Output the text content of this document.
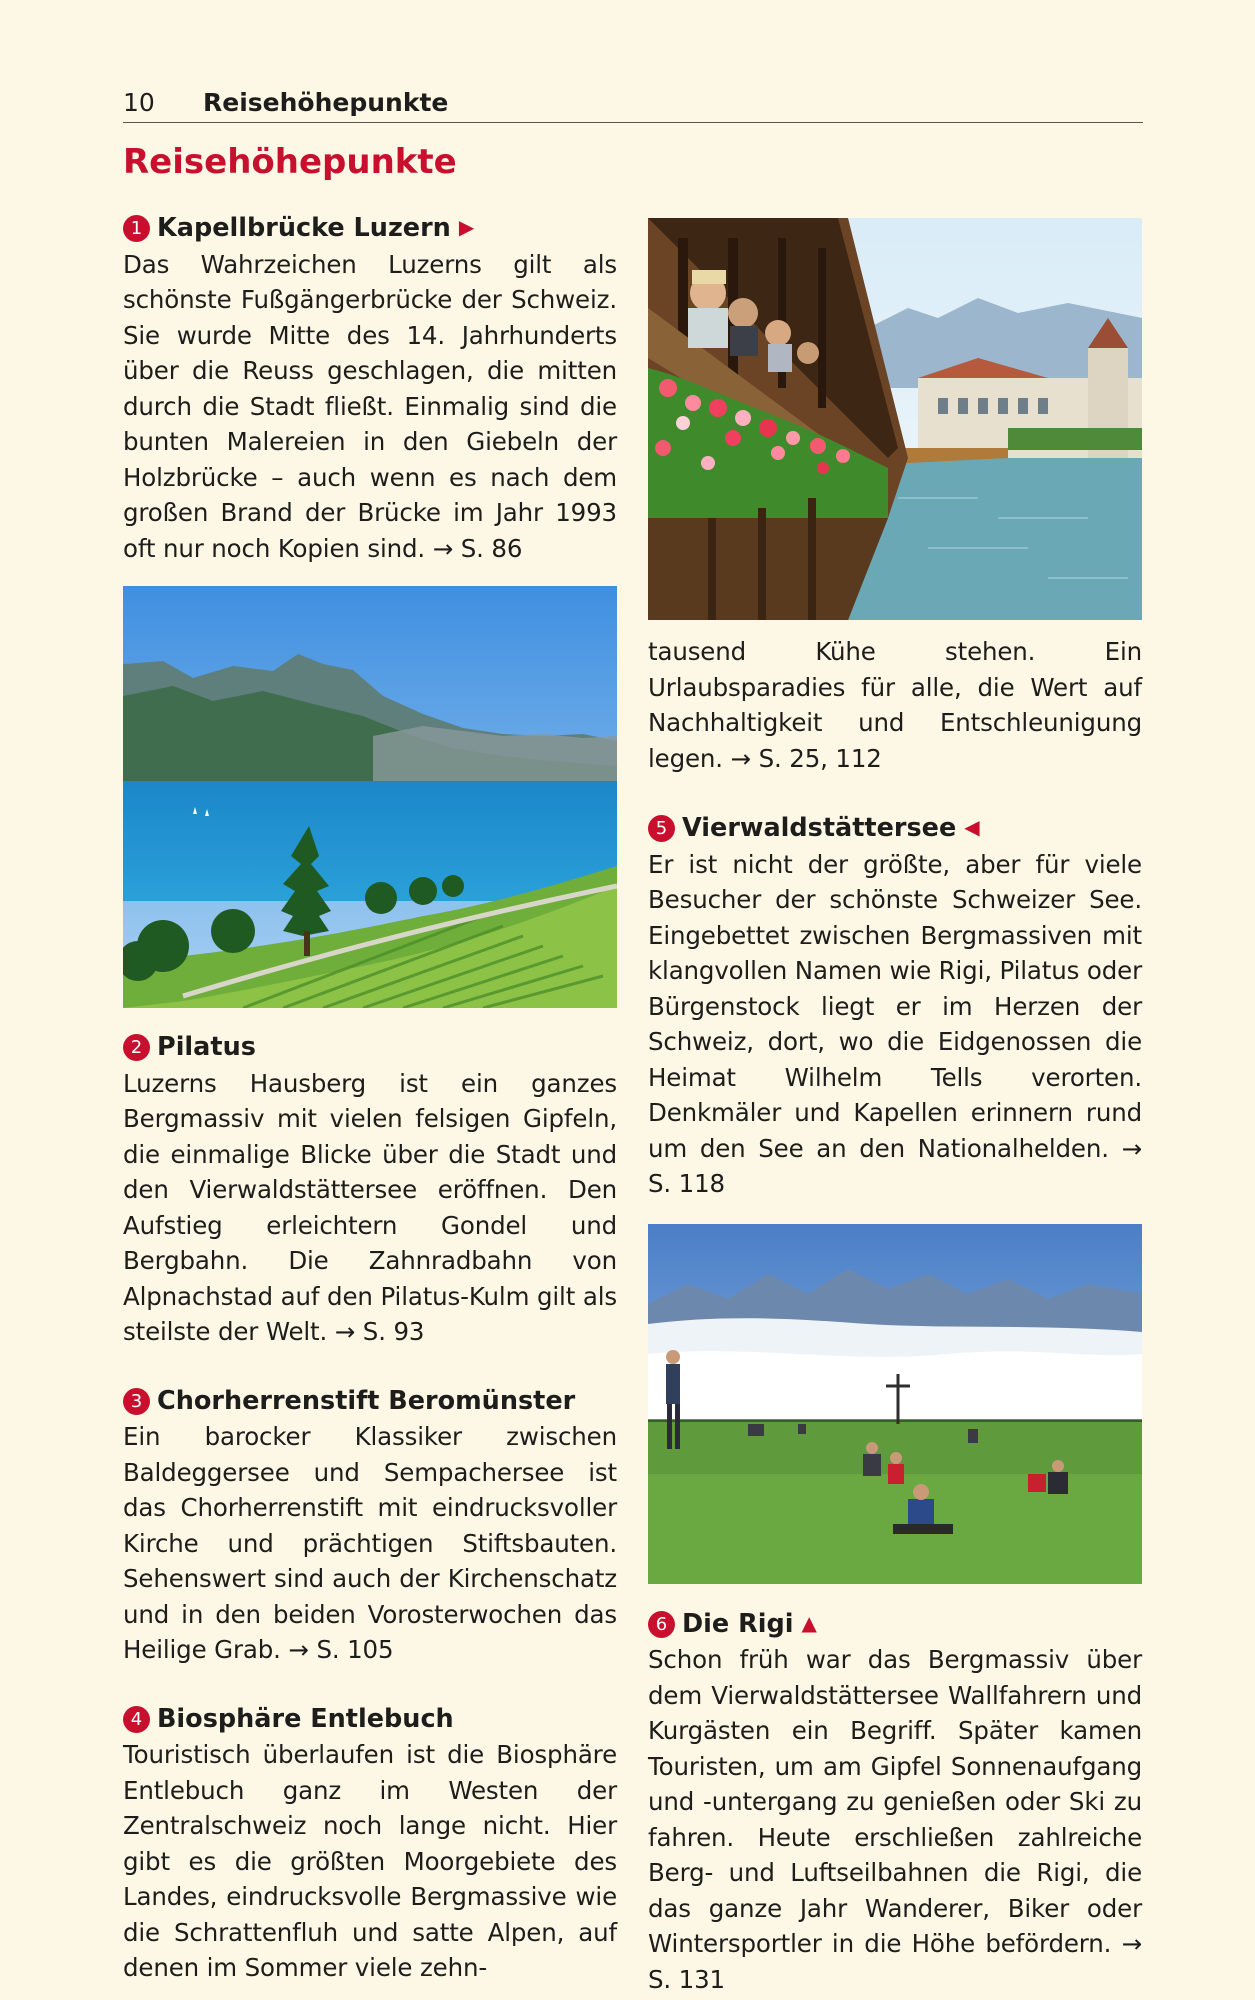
10 Reisehöhepunkte
Reisehöhepunkte

1 Kapellbrücke Luzern ▶

Das Wahrzeichen Luzerns gilt als schönste Fußgängerbrücke der Schweiz. Sie wurde Mitte des 14. Jahrhunderts über die Reuss geschlagen, die mitten durch die Stadt fließt. Einmalig sind die bunten Malereien in den Giebeln der Holzbrücke – auch wenn es nach dem großen Brand der Brücke im Jahr 1993 oft nur noch Kopien sind. → S. 86

2 Pilatus

Luzerns Hausberg ist ein ganzes Bergmassiv mit vielen felsigen Gipfeln, die einmalige Blicke über die Stadt und den Vierwaldstättersee eröffnen. Den Aufstieg erleichtern Gondel und Bergbahn. Die Zahnradbahn von Alpnachstad auf den Pilatus-Kulm gilt als steilste der Welt. → S. 93

3 Chorherrenstift Beromünster

Ein barocker Klassiker zwischen Baldeggersee und Sempachersee ist das Chorherrenstift mit eindrucksvoller Kirche und prächtigen Stiftsbauten. Sehenswert sind auch der Kirchenschatz und in den beiden Vorosterwochen das Heilige Grab. → S. 105

4 Biosphäre Entlebuch

Touristisch überlaufen ist die Biosphäre Entlebuch ganz im Westen der Zentralschweiz noch lange nicht. Hier gibt es die größten Moorgebiete des Landes, eindrucksvolle Bergmassive wie die Schrattenfluh und satte Alpen, auf denen im Sommer viele zehn-

tausend Kühe stehen. Ein Urlaubsparadies für alle, die Wert auf Nachhaltigkeit und Entschleunigung legen. → S. 25, 112

5 Vierwaldstättersee ◀

Er ist nicht der größte, aber für viele Besucher der schönste Schweizer See. Eingebettet zwischen Bergmassiven mit klangvollen Namen wie Rigi, Pilatus oder Bürgenstock liegt er im Herzen der Schweiz, dort, wo die Eidgenossen die Heimat Wilhelm Tells verorten. Denkmäler und Kapellen erinnern rund um den See an den Nationalhelden. → S. 118

6 Die Rigi ▲

Schon früh war das Bergmassiv über dem Vierwaldstättersee Wallfahrern und Kurgästen ein Begriff. Später kamen Touristen, um am Gipfel Sonnenaufgang und -untergang zu genießen oder Ski zu fahren. Heute erschließen zahlreiche Berg- und Luftseilbahnen die Rigi, die das ganze Jahr Wanderer, Biker oder Wintersportler in die Höhe befördern. → S. 131
